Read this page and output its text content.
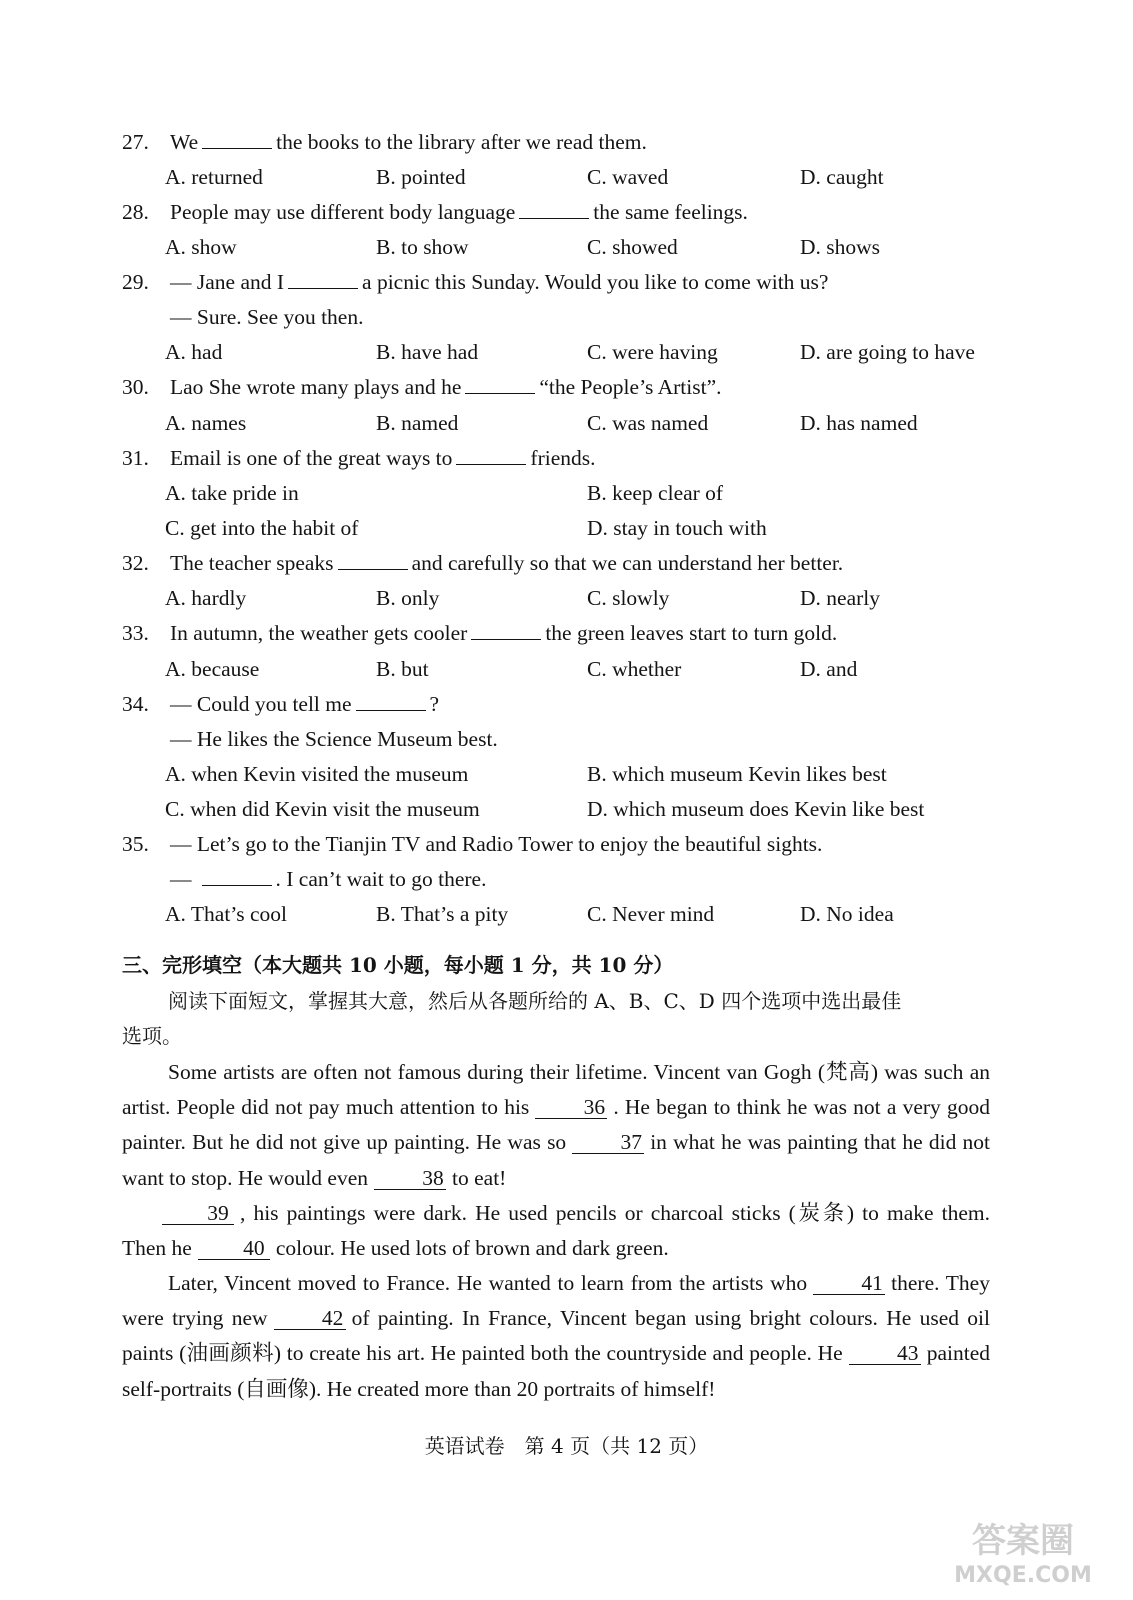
27. We	the books to the library after we read them.
A. returned	B. pointed	C. waved	D. caught
28. People may use different body language	the same feelings.
A. show	B. to show	C. showed	D. shows
29. — Jane and I	a picnic this Sunday. Would you like to come with us?
— Sure. See you then.
A. had	B. have had	C. were having	D. are going to have
30. Lao She wrote many plays and he	“the People’s Artist”.
A. names	B. named	C. was named	D. has named
31. Email is one of the great ways to	friends.
A. take pride in	B. keep clear of
C. get into the habit of	D. stay in touch with
32. The teacher speaks	and carefully so that we can understand her better.
A. hardly	B. only	C. slowly	D. nearly
33. In autumn, the weather gets cooler	the green leaves start to turn gold.
A. because	B. but	C. whether	D. and
34. — Could you tell me	?
— He likes the Science Museum best.
A. when Kevin visited the museum	B. which museum Kevin likes best
C. when did Kevin visit the museum	D. which museum does Kevin like best
35. — Let’s go to the Tianjin TV and Radio Tower to enjoy the beautiful sights.
—	. I can’t wait to go there.
A. That’s cool	B. That’s a pity	C. Never mind	D. No idea
三、完形填空（本大题共 10 小题，每小题 1 分，共 10 分）
阅读下面短文，掌握其大意，然后从各题所给的 A、B、C、D 四个选项中选出最佳
选项。
Some artists are often not famous during their lifetime. Vincent van Gogh (梵高) was such an artist. People did not pay much attention to his	36 . He began to think he was not a very good painter. But he did not give up painting. He was so	37 in what he was painting that he did not want to stop. He would even	38 to eat!
39 , his paintings were dark. He used pencils or charcoal sticks (炭条) to make them. Then he 40 colour. He used lots of brown and dark green.
Later, Vincent moved to France. He wanted to learn from the artists who	41 there. They were trying new	42 of painting. In France, Vincent began using bright colours. He used oil paints (油画颜料) to create his art. He painted both the countryside and people. He	43 painted self-portraits (自画像). He created more than 20 portraits of himself!
英语试卷　第 4 页（共 12 页）
答案圈
MXQE.COM
